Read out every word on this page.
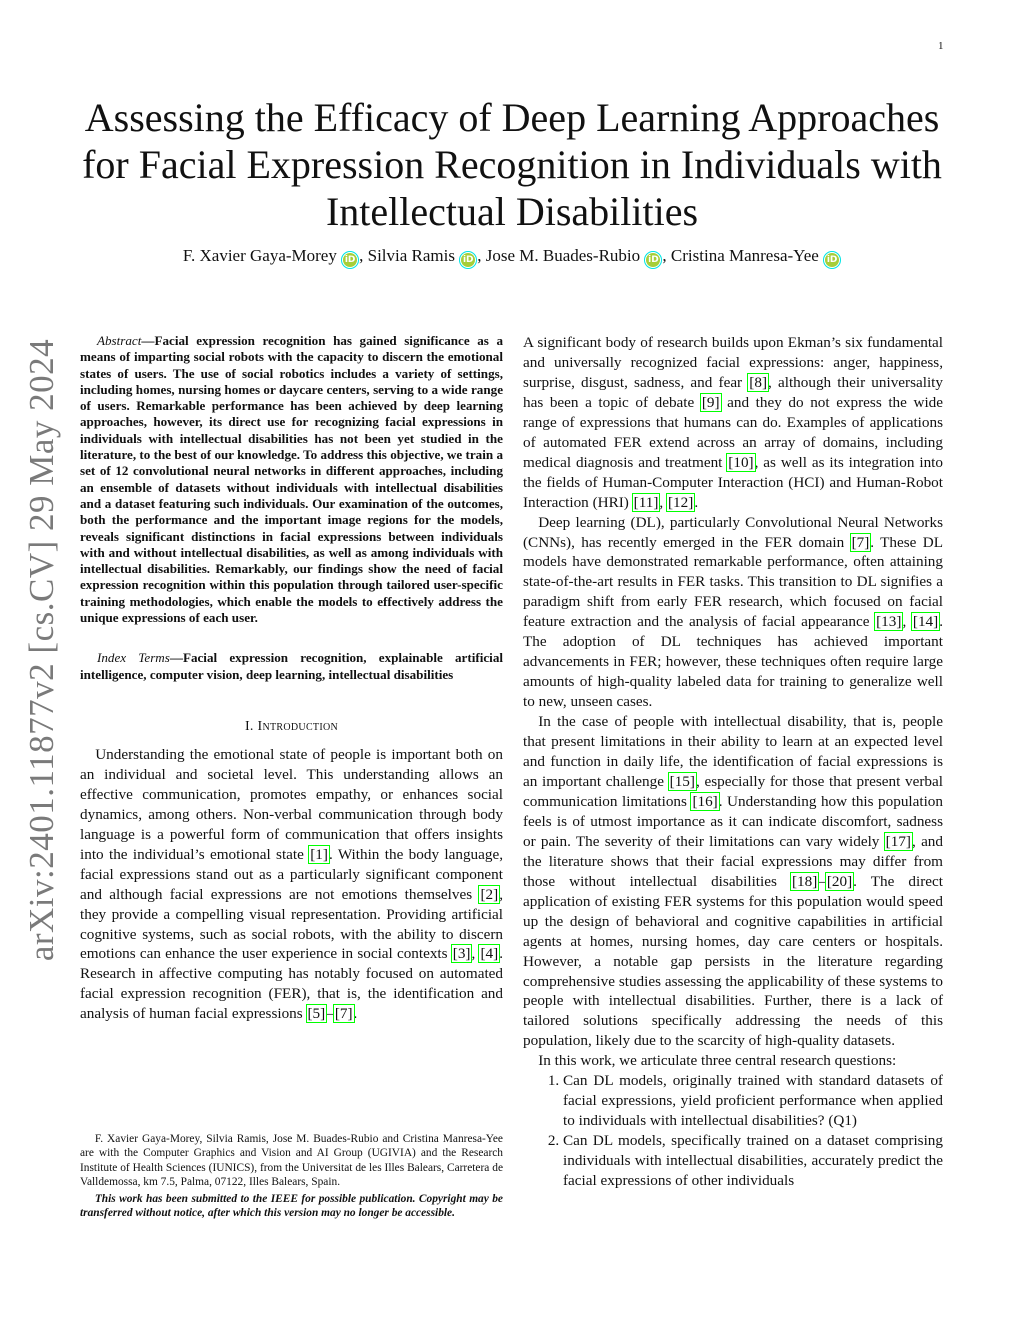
1
arXiv:2401.11877v2 [cs.CV] 29 May 2024
Assessing the Efficacy of Deep Learning Approaches for Facial Expression Recognition in Individuals with Intellectual Disabilities
F. Xavier Gaya-Morey iD , Silvia Ramis iD , Jose M. Buades-Rubio iD , Cristina Manresa-Yee iD

Abstract—Facial expression recognition has gained significance as a means of imparting social robots with the capacity to discern the emotional states of users. The use of social robotics includes a variety of settings, including homes, nursing homes or daycare centers, serving to a wide range of users. Remarkable performance has been achieved by deep learning approaches, however, its direct use for recognizing facial expressions in individuals with intellectual disabilities has not been yet studied in the literature, to the best of our knowledge. To address this objective, we train a set of 12 convolutional neural networks in different approaches, including an ensemble of datasets without individuals with intellectual disabilities and a dataset featuring such individuals. Our examination of the outcomes, both the performance and the important image regions for the models, reveals significant distinctions in facial expressions between individuals with and without intellectual disabilities, as well as among individuals with intellectual disabilities. Remarkably, our findings show the need of facial expression recognition within this population through tailored user-specific training methodologies, which enable the models to effectively address the unique expressions of each user.

Index Terms—Facial expression recognition, explainable artificial intelligence, computer vision, deep learning, intellectual disabilities

I. Introduction

Understanding the emotional state of people is important both on an individual and societal level. This understanding allows an effective communication, promotes empathy, or enhances social dynamics, among others. Non-verbal communication through body language is a powerful form of communication that offers insights into the individual’s emotional state [1]. Within the body language, facial expressions stand out as a particularly significant component and although facial expressions are not emotions themselves [2], they provide a compelling visual representation. Providing artificial cognitive systems, such as social robots, with the ability to discern emotions can enhance the user experience in social contexts [3], [4]. Research in affective computing has notably focused on automated facial expression recognition (FER), that is, the identification and analysis of human facial expressions [5]–[7].

F. Xavier Gaya-Morey, Silvia Ramis, Jose M. Buades-Rubio and Cristina Manresa-Yee are with the Computer Graphics and Vision and AI Group (UGIVIA) and the Research Institute of Health Sciences (IUNICS), from the Universitat de les Illes Balears, Carretera de Valldemossa, km 7.5, Palma, 07122, Illes Balears, Spain.

This work has been submitted to the IEEE for possible publication. Copyright may be transferred without notice, after which this version may no longer be accessible.

A significant body of research builds upon Ekman’s six fundamental and universally recognized facial expressions: anger, happiness, surprise, disgust, sadness, and fear [8], although their universality has been a topic of debate [9] and they do not express the wide range of expressions that humans can do. Examples of applications of automated FER extend across an array of domains, including medical diagnosis and treatment [10], as well as its integration into the fields of Human-Computer Interaction (HCI) and Human-Robot Interaction (HRI) [11], [12].

Deep learning (DL), particularly Convolutional Neural Networks (CNNs), has recently emerged in the FER domain [7]. These DL models have demonstrated remarkable performance, often attaining state-of-the-art results in FER tasks. This transition to DL signifies a paradigm shift from early FER research, which focused on facial feature extraction and the analysis of facial appearance [13], [14]. The adoption of DL techniques has achieved important advancements in FER; however, these techniques often require large amounts of high-quality labeled data for training to generalize well to new, unseen cases.

In the case of people with intellectual disability, that is, people that present limitations in their ability to learn at an expected level and function in daily life, the identification of facial expressions is an important challenge [15], especially for those that present verbal communication limitations [16]. Understanding how this population feels is of utmost importance as it can indicate discomfort, sadness or pain. The severity of their limitations can vary widely [17], and the literature shows that their facial expressions may differ from those without intellectual disabilities [18]–[20]. The direct application of existing FER systems for this population would speed up the design of behavioral and cognitive capabilities in artificial agents at homes, nursing homes, day care centers or hospitals. However, a notable gap persists in the literature regarding comprehensive studies assessing the applicability of these systems to people with intellectual disabilities. Further, there is a lack of tailored solutions specifically addressing the needs of this population, likely due to the scarcity of high-quality datasets.

In this work, we articulate three central research questions:

1. Can DL models, originally trained with standard datasets of facial expressions, yield proficient performance when applied to individuals with intellectual disabilities? (Q1)
2. Can DL models, specifically trained on a dataset comprising individuals with intellectual disabilities, accurately predict the facial expressions of other individuals
